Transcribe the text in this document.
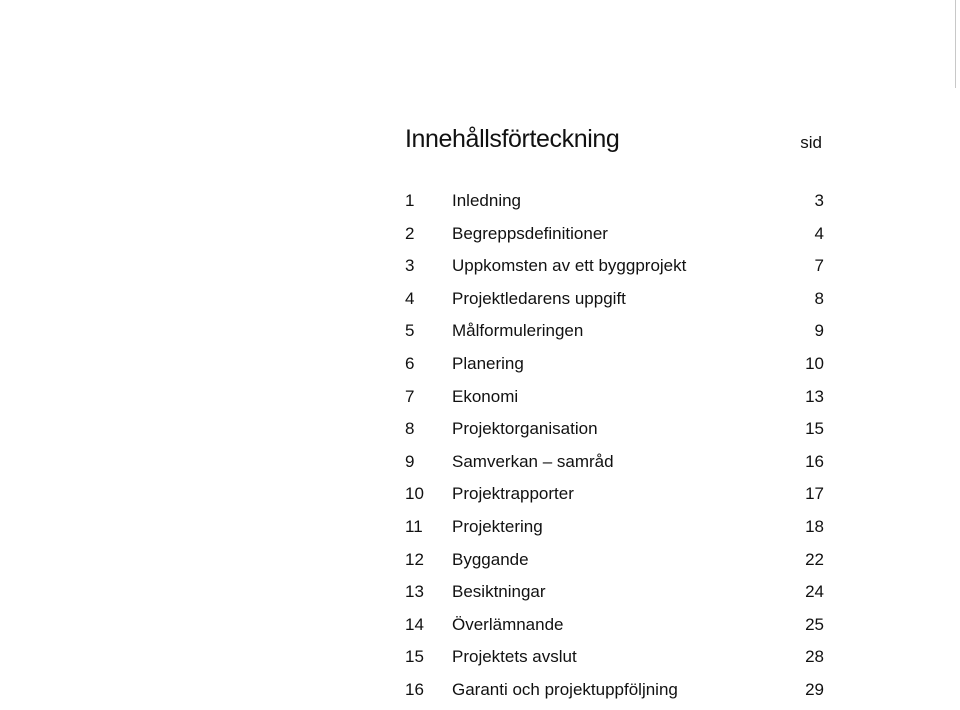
Innehållsförteckning	sid
1 Inledning	3
2 Begreppsdefinitioner	4
3 Uppkomsten av ett byggprojekt	7
4 Projektledarens uppgift	8
5 Målformuleringen	9
6 Planering	10
7 Ekonomi	13
8 Projektorganisation	15
9 Samverkan – samråd	16
10 Projektrapporter	17
11 Projektering	18
12 Byggande	22
13 Besiktningar	24
14 Överlämnande	25
15 Projektets avslut	28
16 Garanti och projektuppföljning	29
